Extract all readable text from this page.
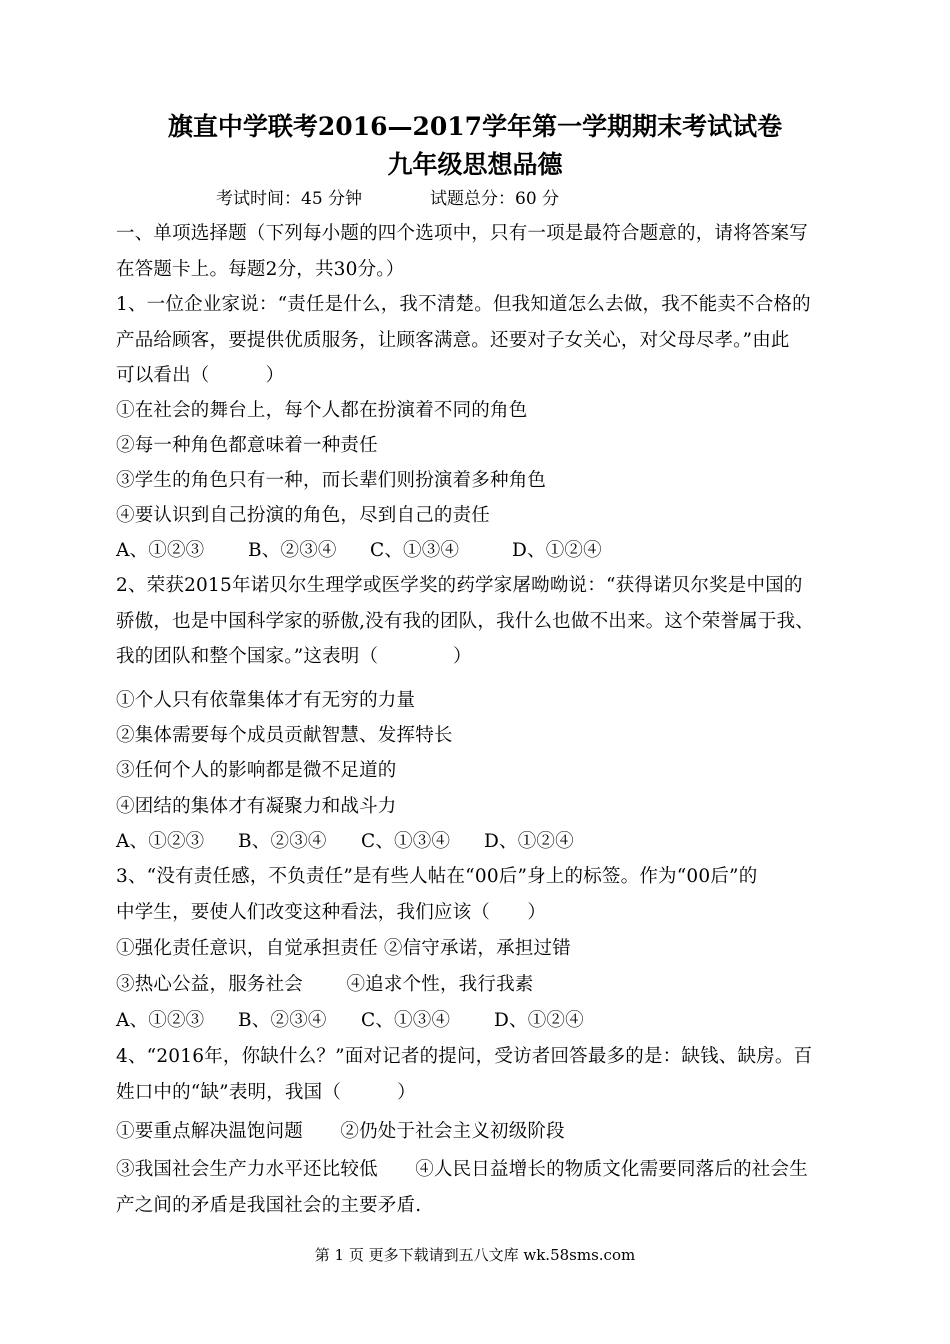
旗直中学联考2016—2017学年第一学期期末考试试卷
九年级思想品德
考试时间：45 分钟	试题总分：60 分
一、单项选择题（下列每小题的四个选项中，只有一项是最符合题意的，请将答案写
在答题卡上。每题2分，共30分。）
1、一位企业家说：“责任是什么，我不清楚。但我知道怎么去做，我不能卖不合格的
产品给顾客，要提供优质服务，让顾客满意。还要对子女关心，对父母尽孝。”由此
可以看出（　　　）
①在社会的舞台上，每个人都在扮演着不同的角色
②每一种角色都意味着一种责任
③学生的角色只有一种，而长辈们则扮演着多种角色
④要认识到自己扮演的角色，尽到自己的责任
A、①②③ B、②③④ C、①③④	D、①②④
2、荣获2015年诺贝尔生理学或医学奖的药学家屠呦呦说：“获得诺贝尔奖是中国的
骄傲，也是中国科学家的骄傲,没有我的团队，我什么也做不出来。这个荣誉属于我、
我的团队和整个国家。”这表明（　　　　）
①个人只有依靠集体才有无穷的力量
②集体需要每个成员贡献智慧、发挥特长
③任何个人的影响都是微不足道的
④团结的集体才有凝聚力和战斗力
A、①②③ B、②③④ C、①③④ D、①②④
3、“没有责任感，不负责任”是有些人帖在“00后”身上的标签。作为“00后”的
中学生，要使人们改变这种看法，我们应该（　　）
①强化责任意识，自觉承担责任 ②信守承诺，承担过错
③热心公益，服务社会　　 ④追求个性，我行我素
A、①②③ B、②③④ C、①③④ D、①②④
4、“2016年，你缺什么？”面对记者的提问，受访者回答最多的是：缺钱、缺房。百
姓口中的“缺”表明，我国（　　　）
①要重点解决温饱问题　　②仍处于社会主义初级阶段
③我国社会生产力水平还比较低　　④人民日益增长的物质文化需要同落后的社会生
产之间的矛盾是我国社会的主要矛盾.
第 1 页 更多下载请到五八文库 wk.58sms.com
